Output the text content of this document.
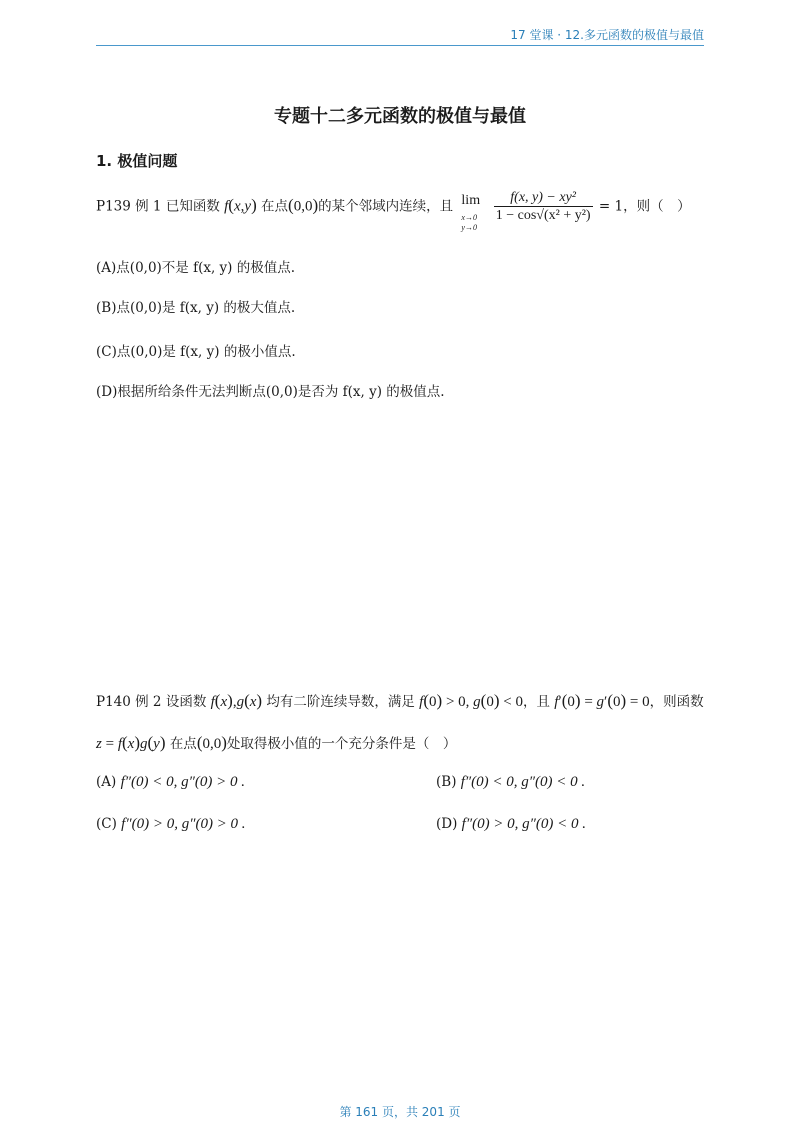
17 堂课 · 12.多元函数的极值与最值
专题十二多元函数的极值与最值
1. 极值问题
P139 例 1 已知函数 f(x,y) 在点(0,0)的某个邻域内连续，且 lim
x→0
y→0

$\frac{\text{f(x, y) − xy²}}{\text{1 − cos√(x² + y²)}} = 1$，则（　）
(A)点(0,0)不是 f(x, y) 的极值点.
(B)点(0,0)是 f(x, y) 的极大值点.
(C)点(0,0)是 f(x, y) 的极小值点.
(D)根据所给条件无法判断点(0,0)是否为 f(x, y) 的极值点.
P140 例 2 设函数 f(x),g(x) 均有二阶连续导数，满足 f(0) > 0, g(0) < 0，且 f′(0) = g′(0) = 0，则函数
z = f(x)g(y) 在点(0,0)处取得极小值的一个充分条件是（　）
(A) f″(0) < 0, g″(0) > 0 .	(B) f″(0) < 0, g″(0) < 0 .
(C) f″(0) > 0, g″(0) > 0 .	(D) f″(0) > 0, g″(0) < 0 .
第 161 页，共 201 页
